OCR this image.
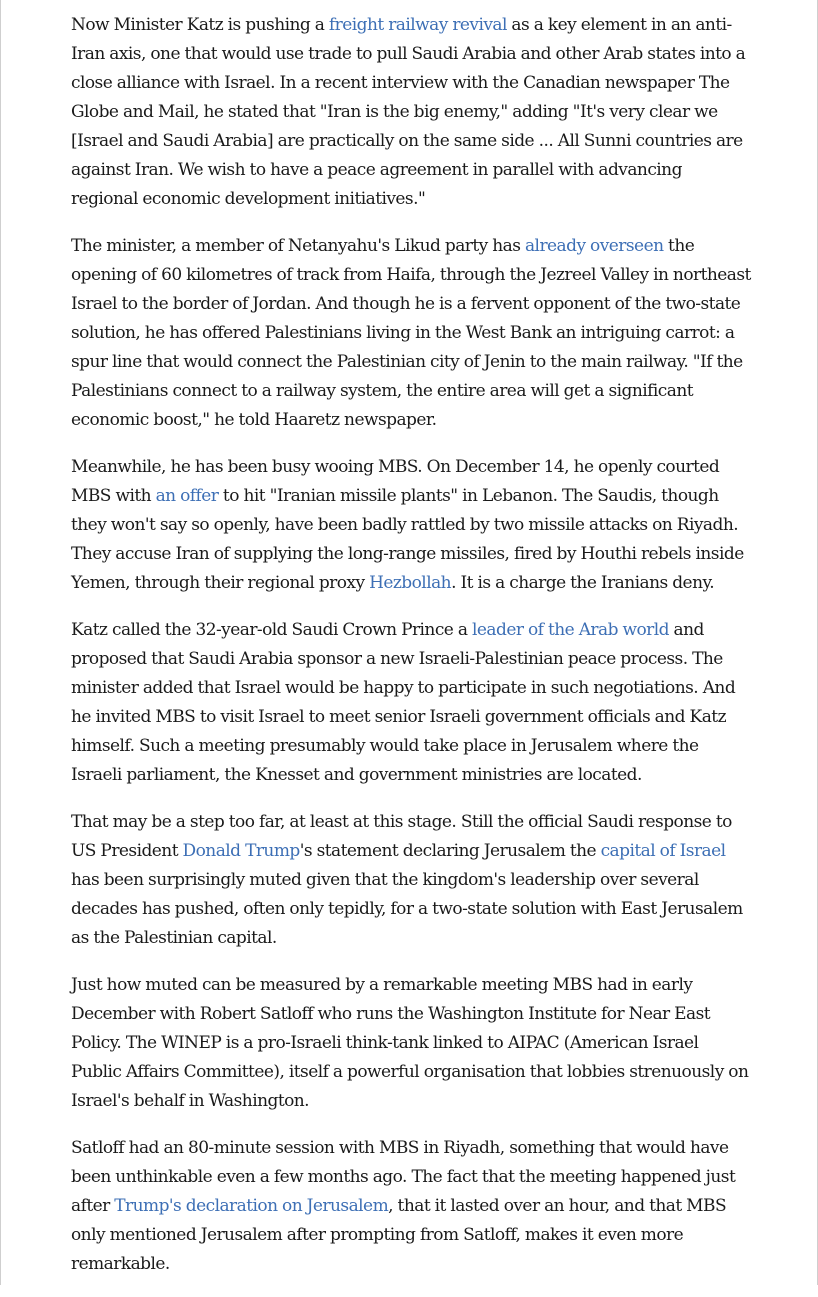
Now Minister Katz is pushing a freight railway revival as a key element in an anti-Iran axis, one that would use trade to pull Saudi Arabia and other Arab states into a close alliance with Israel. In a recent interview with the Canadian newspaper The Globe and Mail, he stated that "Iran is the big enemy," adding "It's very clear we [Israel and Saudi Arabia] are practically on the same side ... All Sunni countries are against Iran. We wish to have a peace agreement in parallel with advancing regional economic development initiatives."

The minister, a member of Netanyahu's Likud party has already overseen the opening of 60 kilometres of track from Haifa, through the Jezreel Valley in northeast Israel to the border of Jordan. And though he is a fervent opponent of the two-state solution, he has offered Palestinians living in the West Bank an intriguing carrot: a spur line that would connect the Palestinian city of Jenin to the main railway. "If the Palestinians connect to a railway system, the entire area will get a significant economic boost," he told Haaretz newspaper.

Meanwhile, he has been busy wooing MBS. On December 14, he openly courted MBS with an offer to hit "Iranian missile plants" in Lebanon. The Saudis, though they won't say so openly, have been badly rattled by two missile attacks on Riyadh. They accuse Iran of supplying the long-range missiles, fired by Houthi rebels inside Yemen, through their regional proxy Hezbollah. It is a charge the Iranians deny.

Katz called the 32-year-old Saudi Crown Prince a leader of the Arab world and proposed that Saudi Arabia sponsor a new Israeli-Palestinian peace process. The minister added that Israel would be happy to participate in such negotiations. And he invited MBS to visit Israel to meet senior Israeli government officials and Katz himself. Such a meeting presumably would take place in Jerusalem where the Israeli parliament, the Knesset and government ministries are located.

That may be a step too far, at least at this stage. Still the official Saudi response to US President Donald Trump's statement declaring Jerusalem the capital of Israel has been surprisingly muted given that the kingdom's leadership over several decades has pushed, often only tepidly, for a two-state solution with East Jerusalem as the Palestinian capital.

Just how muted can be measured by a remarkable meeting MBS had in early December with Robert Satloff who runs the Washington Institute for Near East Policy. The WINEP is a pro-Israeli think-tank linked to AIPAC (American Israel Public Affairs Committee), itself a powerful organisation that lobbies strenuously on Israel's behalf in Washington.

Satloff had an 80-minute session with MBS in Riyadh, something that would have been unthinkable even a few months ago. The fact that the meeting happened just after Trump's declaration on Jerusalem, that it lasted over an hour, and that MBS only mentioned Jerusalem after prompting from Satloff, makes it even more remarkable.
